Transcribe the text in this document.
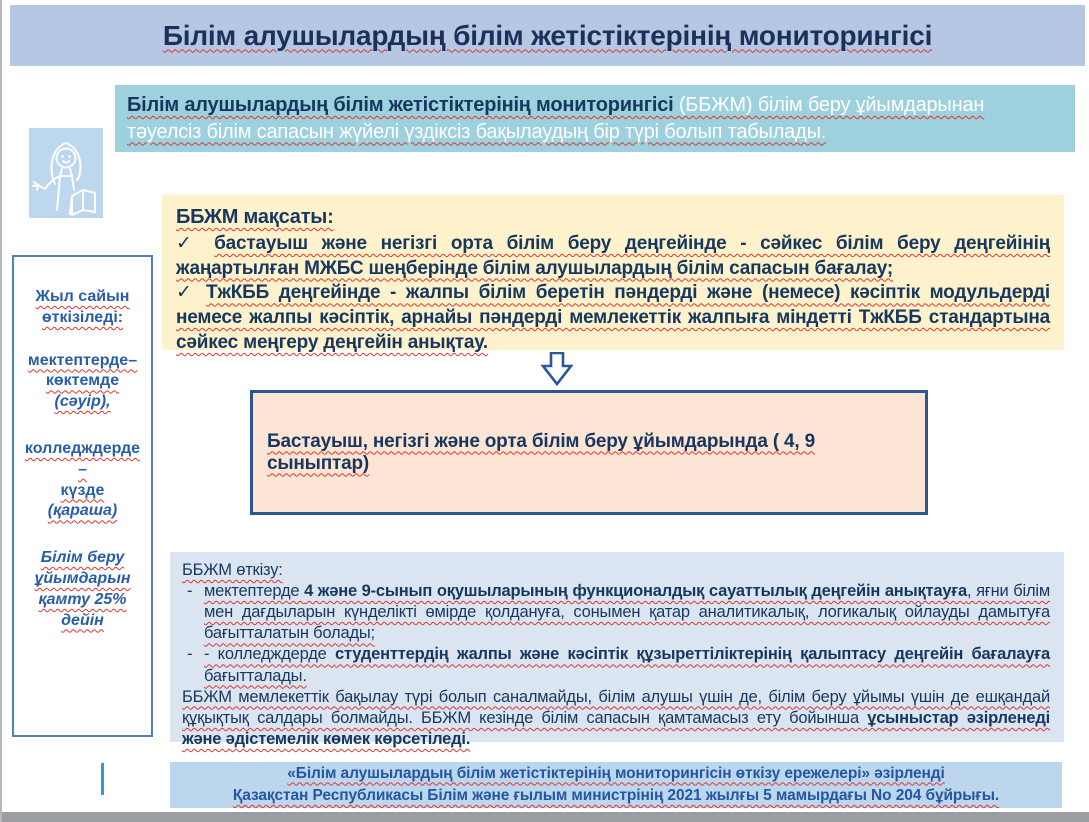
Білім алушылардың білім жетістіктерінің мониторингісі
Білім алушылардың білім жетістіктерінің мониторингісі (ББЖМ) білім беру ұйымдарынан тәуелсіз білім сапасын жүйелі үздіксіз бақылаудың бір түрі болып табылады.

Жыл сайын өткізіледі:

мектептерде–

көктемде

(сәуір),

колледждерде

–

күзде

(қараша)

Білім беру ұйымдарын қамту 25% дейін

ББЖМ мақсаты:

✓ бастауыш және негізгі орта білім беру деңгейінде - сәйкес білім беру деңгейінің жаңартылған МЖБС шеңберінде білім алушылардың білім сапасын бағалау;

✓ ТжКББ деңгейінде - жалпы білім беретін пәндерді және (немесе) кәсіптік модульдерді немесе жалпы кәсіптік, арнайы пәндерді мемлекеттік жалпыға міндетті ТжКББ стандартына сәйкес меңгеру деңгейін анықтау.

Бастауыш, негізгі және орта білім беру ұйымдарында ( 4, 9 сыныптар)

ББЖМ өткізу:

- мектептерде 4 және 9-сынып оқушыларының функционалдық сауаттылық деңгейін анықтауға, яғни білім мен дағдыларын күнделікті өмірде қолдануға, сонымен қатар аналитикалық, логикалық ойлауды дамытуға бағытталатын болады;

- - колледждерде студенттердің жалпы және кәсіптік құзыреттіліктерінің қалыптасу деңгейін бағалауға бағытталады.

ББЖМ мемлекеттік бақылау түрі болып саналмайды, білім алушы үшін де, білім беру ұйымы үшін де ешқандай құқықтық салдары болмайды. ББЖМ кезінде білім сапасын қамтамасыз ету бойынша ұсыныстар әзірленеді және әдістемелік көмек көрсетіледі.

«Білім алушылардың білім жетістіктерінің мониторингісін өткізу ережелері» әзірленді

Қазақстан Республикасы Білім және ғылым министрінің 2021 жылғы 5 мамырдағы No 204 бұйрығы.
